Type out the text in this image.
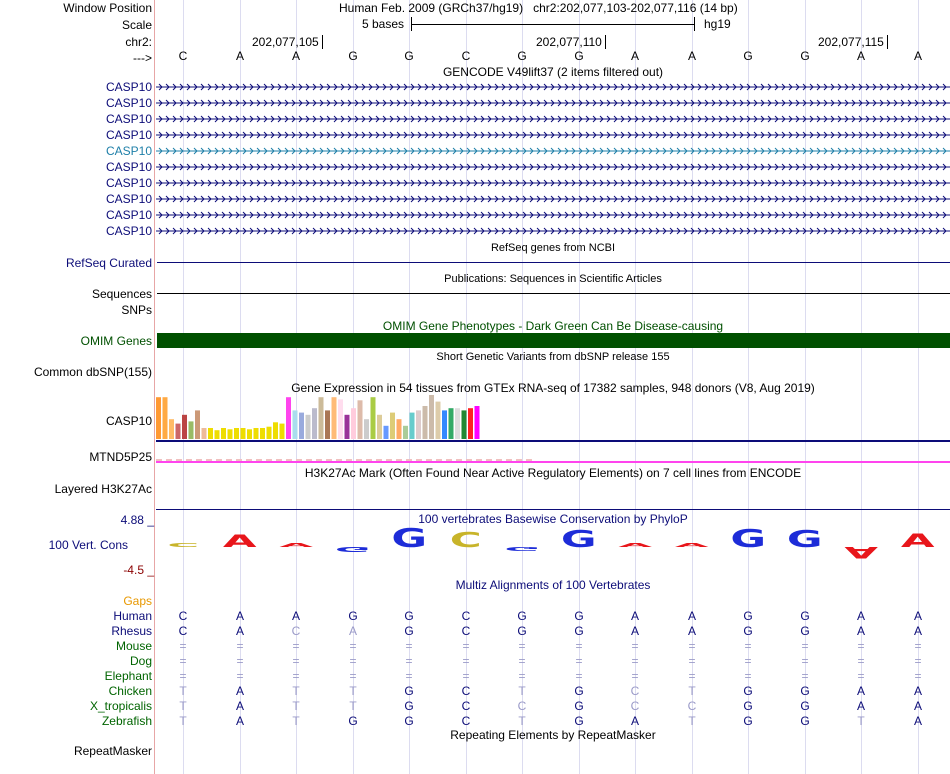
Window Position	Human Feb. 2009 (GRCh37/hg19) chr2:202,077,103-202,077,116 (14 bp)
Scale	5 bases	hg19
chr2:	202,077,105	202,077,110	202,077,115
--->	C	A	A	G	G	C	G	G	A	A	G	G	A	A
GENCODE V49lift37 (2 items filtered out)
CASP10
CASP10
CASP10
CASP10
CASP10
CASP10
CASP10
CASP10
CASP10
CASP10
RefSeq genes from NCBI
RefSeq Curated
Publications: Sequences in Scientific Articles
Sequences
SNPs
OMIM Gene Phenotypes - Dark Green Can Be Disease-causing
OMIM Genes
Short Genetic Variants from dbSNP release 155
Common dbSNP(155)
Gene Expression in 54 tissues from GTEx RNA-seq of 17382 samples, 948 donors (V8, Aug 2019)
CASP10
MTND5P25
H3K27Ac Mark (Often Found Near Active Regulatory Elements) on 7 cell lines from ENCODE
Layered H3K27Ac
100 vertebrates Basewise Conservation by PhyloP
4.88 _
100 Vert. Cons
-4.5 _
C A A G G C G G A A G G A
A
Multiz Alignments of 100 Vertebrates
Gaps
Human	C	A	A	G	G	C	G	G	A	A	G	G	A	A
Rhesus	C	A	C	A	G	C	G	G	A	A	G	G	A	A
Mouse	=	=	=	=	=	=	=	=	=	=	=	=	=	=
Dog	=	=	=	=	=	=	=	=	=	=	=	=	=	=
Elephant	=	=	=	=	=	=	=	=	=	=	=	=	=	=
Chicken	T	A	T	T	G	C	T	G	C	T	G	G	A	A
X_tropicalis	T	A	T	T	G	C	C	G	C	C	G	G	A	A
Zebrafish	T	A	T	G	G	C	T	G	A	T	G	G	T	A
Repeating Elements by RepeatMasker
RepeatMasker
